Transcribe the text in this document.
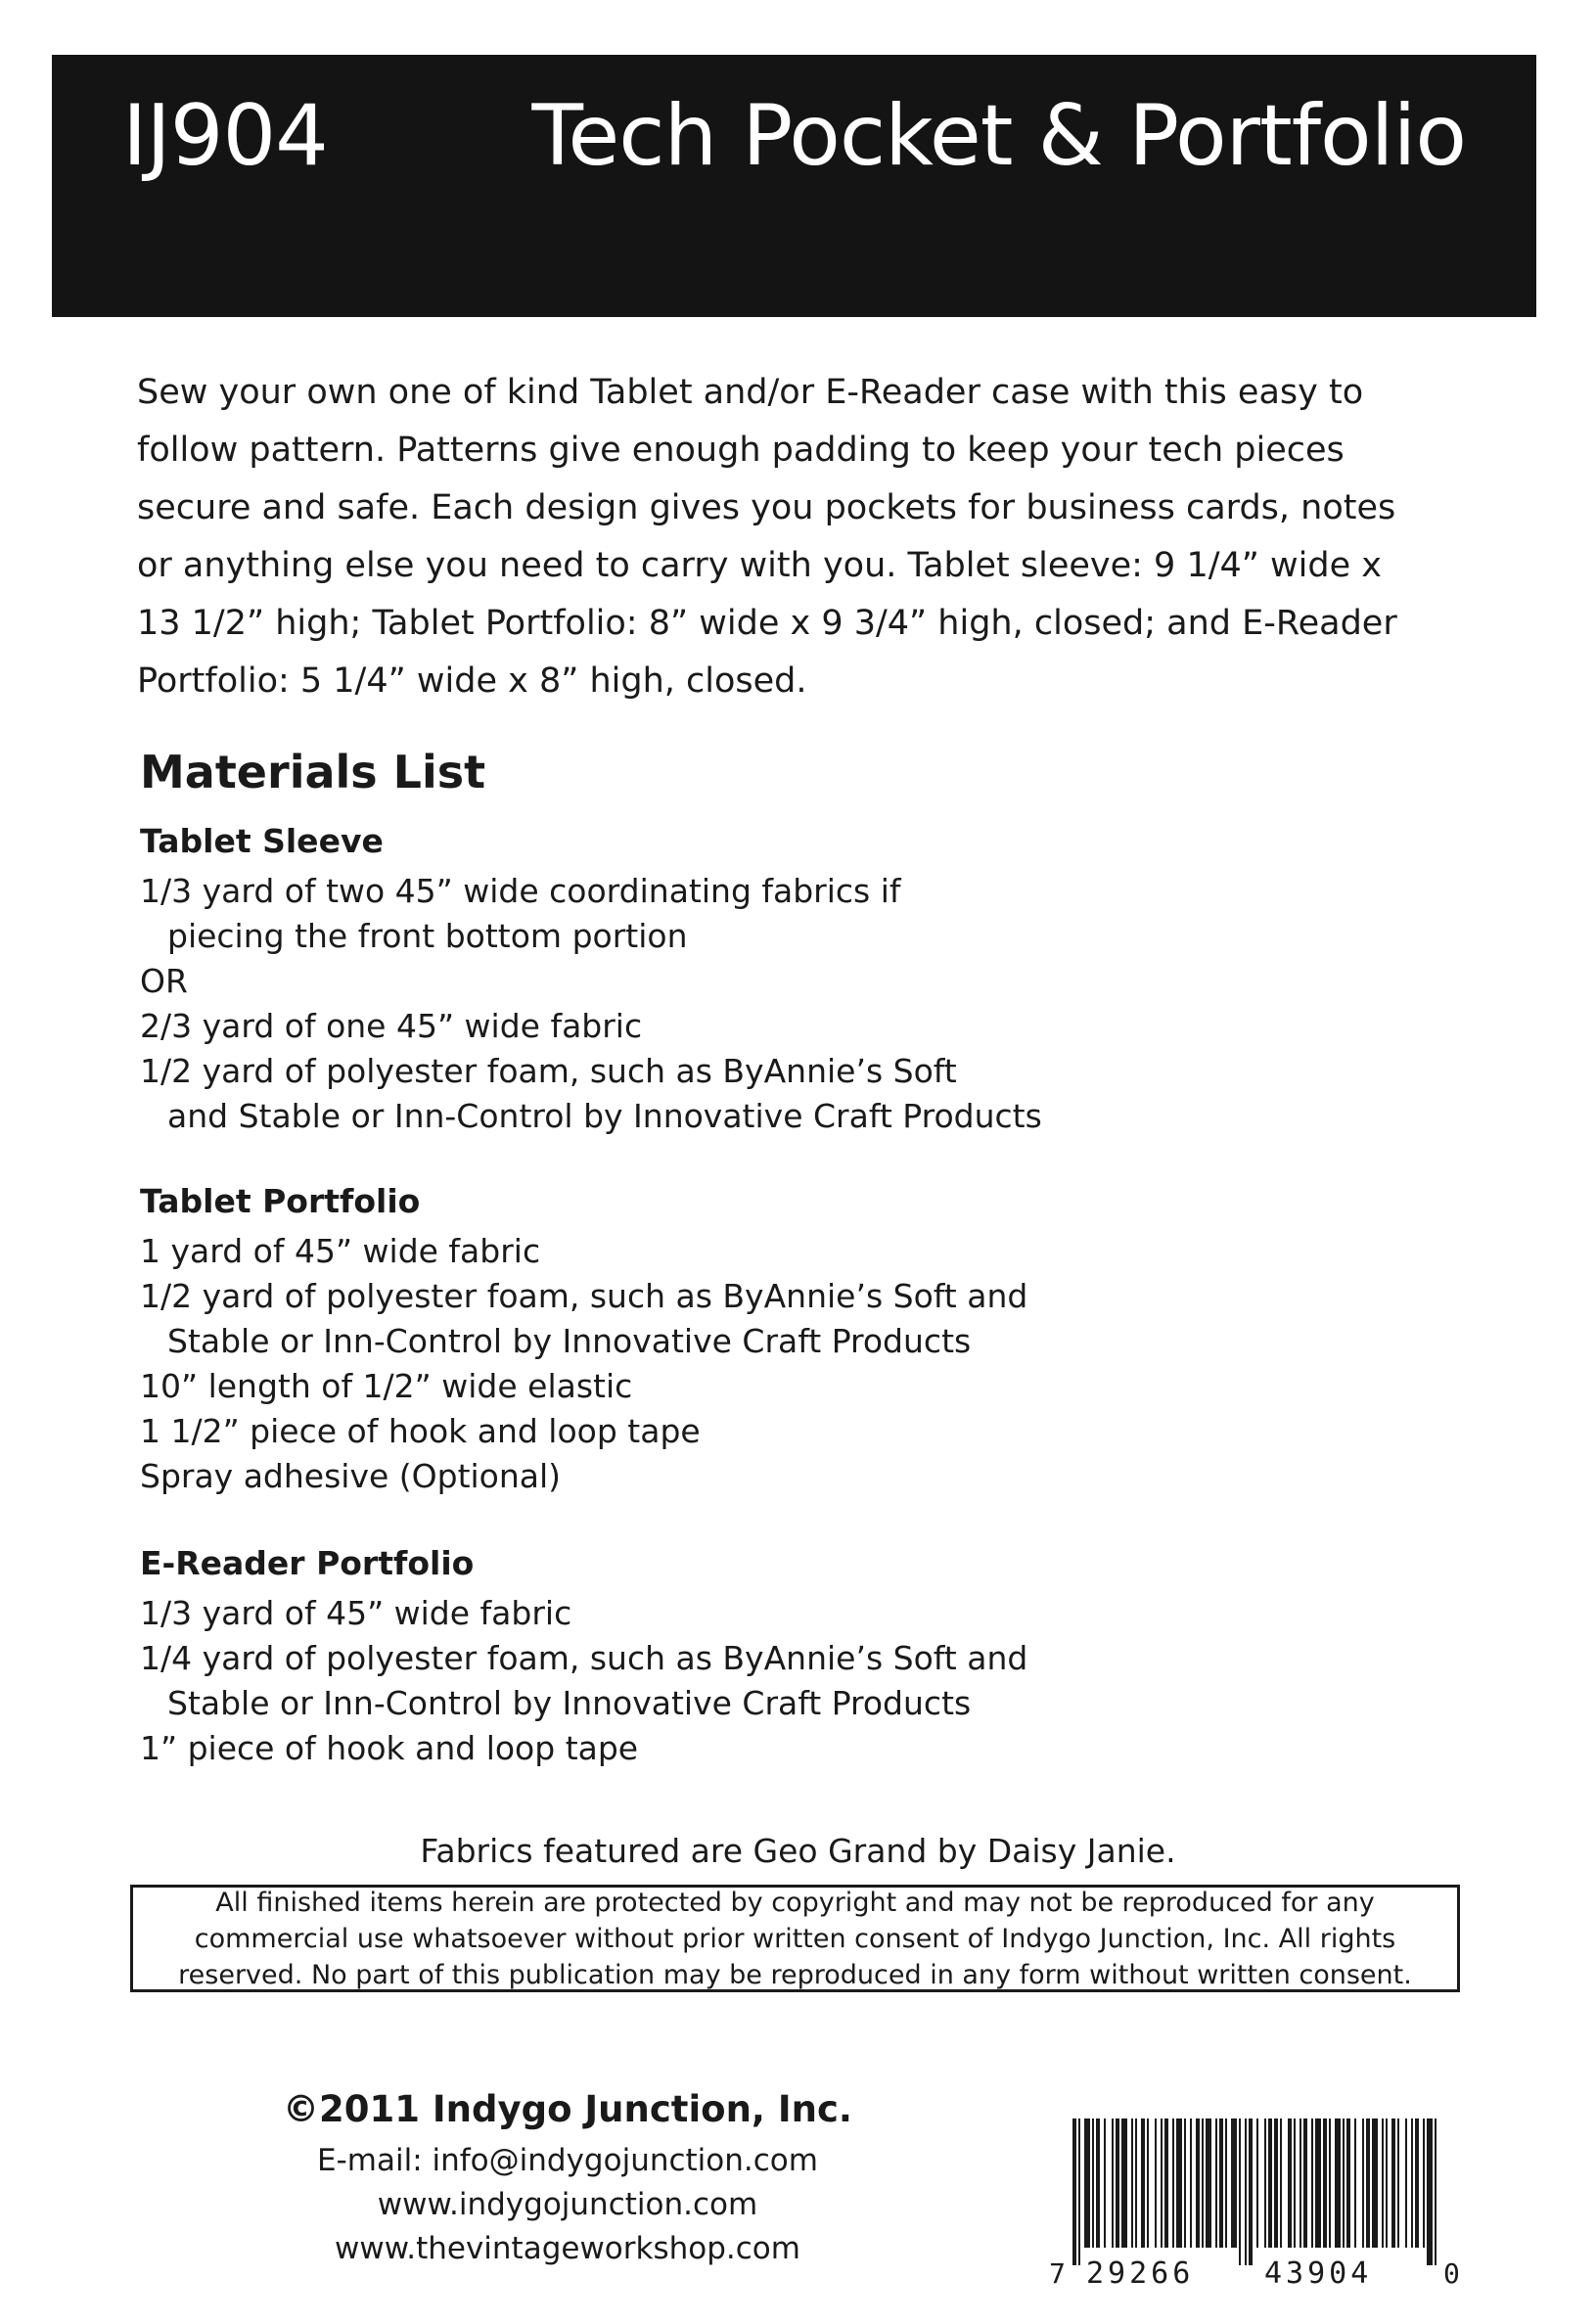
IJ904 Tech Pocket & Portfolio
Sew your own one of kind Tablet and/or E-Reader case with this easy to
follow pattern. Patterns give enough padding to keep your tech pieces
secure and safe. Each design gives you pockets for business cards, notes
or anything else you need to carry with you. Tablet sleeve: 9 1/4” wide x
13 1/2” high; Tablet Portfolio: 8” wide x 9 3/4” high, closed; and E-Reader
Portfolio: 5 1/4” wide x 8” high, closed.
Materials List
Tablet Sleeve
1/3 yard of two 45” wide coordinating fabrics if
piecing the front bottom portion
OR
2/3 yard of one 45” wide fabric
1/2 yard of polyester foam, such as ByAnnie’s Soft
and Stable or Inn-Control by Innovative Craft Products
Tablet Portfolio
1 yard of 45” wide fabric
1/2 yard of polyester foam, such as ByAnnie’s Soft and
Stable or Inn-Control by Innovative Craft Products
10” length of 1/2” wide elastic
1 1/2” piece of hook and loop tape
Spray adhesive (Optional)
E-Reader Portfolio
1/3 yard of 45” wide fabric
1/4 yard of polyester foam, such as ByAnnie’s Soft and
Stable or Inn-Control by Innovative Craft Products
1” piece of hook and loop tape
Fabrics featured are Geo Grand by Daisy Janie.
All finished items herein are protected by copyright and may not be reproduced for any commercial use whatsoever without prior written consent of Indygo Junction, Inc. All rights reserved. No part of this publication may be reproduced in any form without written consent.
©2011 Indygo Junction, Inc.
E-mail: info@indygojunction.com
www.indygojunction.com
www.thevintageworkshop.com
7 29266 43904	0
